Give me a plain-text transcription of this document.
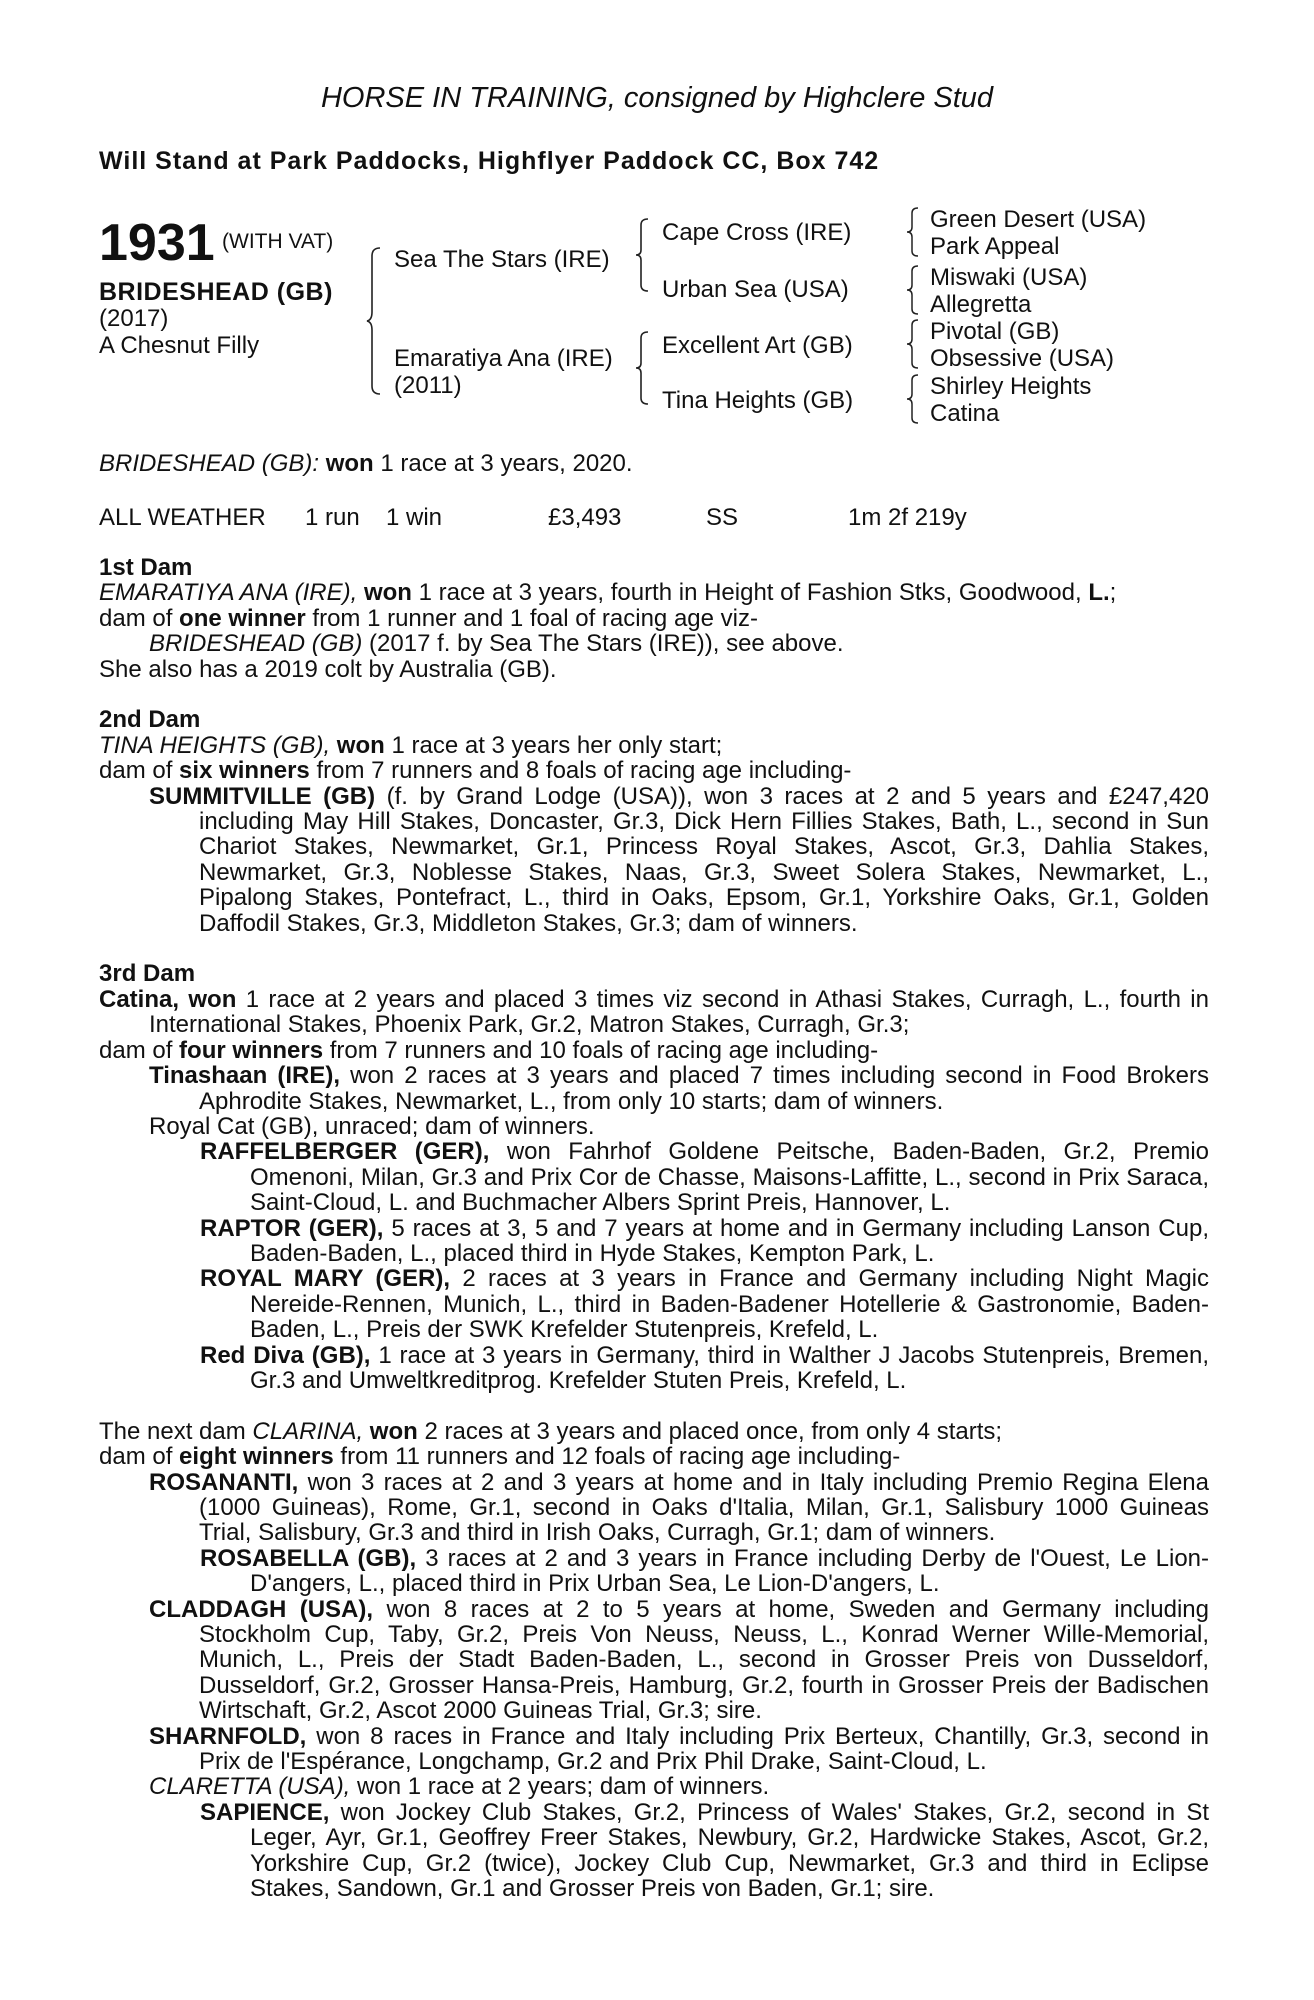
HORSE IN TRAINING, consigned by Highclere Stud
Will Stand at Park Paddocks, Highflyer Paddock CC, Box 742
1931 (WITH VAT)
BRIDESHEAD (GB)
(2017)
A Chesnut Filly
Sea The Stars (IRE)
Emaratiya Ana (IRE)
(2011)
Cape Cross (IRE)
Urban Sea (USA)
Excellent Art (GB)
Tina Heights (GB)
Green Desert (USA)
Park Appeal
Miswaki (USA)
Allegretta
Pivotal (GB)
Obsessive (USA)
Shirley Heights
Catina
BRIDESHEAD (GB): won 1 race at 3 years, 2020.
ALL WEATHER 1 run 1 win	£3,493	SS	1m 2f 219y

1st Dam

EMARATIYA ANA (IRE), won 1 race at 3 years, fourth in Height of Fashion Stks, Goodwood, L.;

dam of one winner from 1 runner and 1 foal of racing age viz-

BRIDESHEAD (GB) (2017 f. by Sea The Stars (IRE)), see above.

She also has a 2019 colt by Australia (GB).

2nd Dam

TINA HEIGHTS (GB), won 1 race at 3 years her only start;

dam of six winners from 7 runners and 8 foals of racing age including-

SUMMITVILLE (GB) (f. by Grand Lodge (USA)), won 3 races at 2 and 5 years and £247,420 including May Hill Stakes, Doncaster, Gr.3, Dick Hern Fillies Stakes, Bath, L., second in Sun Chariot Stakes, Newmarket, Gr.1, Princess Royal Stakes, Ascot, Gr.3, Dahlia Stakes, Newmarket, Gr.3, Noblesse Stakes, Naas, Gr.3, Sweet Solera Stakes, Newmarket, L., Pipalong Stakes, Pontefract, L., third in Oaks, Epsom, Gr.1, Yorkshire Oaks, Gr.1, Golden Daffodil Stakes, Gr.3, Middleton Stakes, Gr.3; dam of winners.

3rd Dam

Catina, won 1 race at 2 years and placed 3 times viz second in Athasi Stakes, Curragh, L., fourth in International Stakes, Phoenix Park, Gr.2, Matron Stakes, Curragh, Gr.3;

dam of four winners from 7 runners and 10 foals of racing age including-

Tinashaan (IRE), won 2 races at 3 years and placed 7 times including second in Food Brokers Aphrodite Stakes, Newmarket, L., from only 10 starts; dam of winners.

Royal Cat (GB), unraced; dam of winners.

RAFFELBERGER (GER), won Fahrhof Goldene Peitsche, Baden-Baden, Gr.2, Premio Omenoni, Milan, Gr.3 and Prix Cor de Chasse, Maisons-Laffitte, L., second in Prix Saraca, Saint-Cloud, L. and Buchmacher Albers Sprint Preis, Hannover, L.

RAPTOR (GER), 5 races at 3, 5 and 7 years at home and in Germany including Lanson Cup, Baden-Baden, L., placed third in Hyde Stakes, Kempton Park, L.

ROYAL MARY (GER), 2 races at 3 years in France and Germany including Night Magic Nereide-Rennen, Munich, L., third in Baden-Badener Hotellerie & Gastronomie, Baden-Baden, L., Preis der SWK Krefelder Stutenpreis, Krefeld, L.

Red Diva (GB), 1 race at 3 years in Germany, third in Walther J Jacobs Stutenpreis, Bremen, Gr.3 and Umweltkreditprog. Krefelder Stuten Preis, Krefeld, L.

The next dam CLARINA, won 2 races at 3 years and placed once, from only 4 starts;

dam of eight winners from 11 runners and 12 foals of racing age including-

ROSANANTI, won 3 races at 2 and 3 years at home and in Italy including Premio Regina Elena (1000 Guineas), Rome, Gr.1, second in Oaks d'Italia, Milan, Gr.1, Salisbury 1000 Guineas Trial, Salisbury, Gr.3 and third in Irish Oaks, Curragh, Gr.1; dam of winners.

ROSABELLA (GB), 3 races at 2 and 3 years in France including Derby de l'Ouest, Le Lion-D'angers, L., placed third in Prix Urban Sea, Le Lion-D'angers, L.

CLADDAGH (USA), won 8 races at 2 to 5 years at home, Sweden and Germany including Stockholm Cup, Taby, Gr.2, Preis Von Neuss, Neuss, L., Konrad Werner Wille-Memorial, Munich, L., Preis der Stadt Baden-Baden, L., second in Grosser Preis von Dusseldorf, Dusseldorf, Gr.2, Grosser Hansa-Preis, Hamburg, Gr.2, fourth in Grosser Preis der Badischen Wirtschaft, Gr.2, Ascot 2000 Guineas Trial, Gr.3; sire.

SHARNFOLD, won 8 races in France and Italy including Prix Berteux, Chantilly, Gr.3, second in Prix de l'Espérance, Longchamp, Gr.2 and Prix Phil Drake, Saint-Cloud, L.

CLARETTA (USA), won 1 race at 2 years; dam of winners.

SAPIENCE, won Jockey Club Stakes, Gr.2, Princess of Wales' Stakes, Gr.2, second in St Leger, Ayr, Gr.1, Geoffrey Freer Stakes, Newbury, Gr.2, Hardwicke Stakes, Ascot, Gr.2, Yorkshire Cup, Gr.2 (twice), Jockey Club Cup, Newmarket, Gr.3 and third in Eclipse Stakes, Sandown, Gr.1 and Grosser Preis von Baden, Gr.1; sire.
